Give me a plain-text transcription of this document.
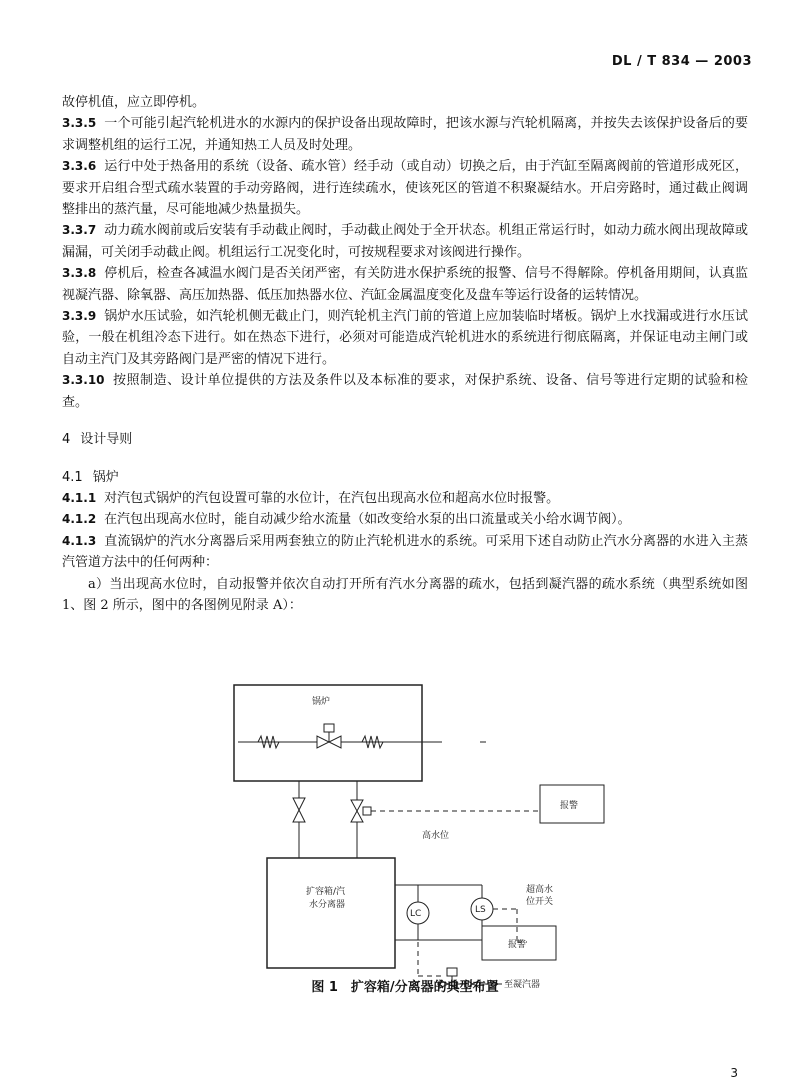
DL / T 834 — 2003

故停机值，应立即停机。

3.3.5 一个可能引起汽轮机进水的水源内的保护设备出现故障时，把该水源与汽轮机隔离，并按失去该保护设备后的要求调整机组的运行工况，并通知热工人员及时处理。

3.3.6 运行中处于热备用的系统（设备、疏水管）经手动（或自动）切换之后，由于汽缸至隔离阀前的管道形成死区，要求开启组合型式疏水装置的手动旁路阀，进行连续疏水，使该死区的管道不积聚凝结水。开启旁路时，通过截止阀调整排出的蒸汽量，尽可能地减少热量损失。

3.3.7 动力疏水阀前或后安装有手动截止阀时，手动截止阀处于全开状态。机组正常运行时，如动力疏水阀出现故障或漏漏，可关闭手动截止阀。机组运行工况变化时，可按规程要求对该阀进行操作。

3.3.8 停机后，检查各减温水阀门是否关闭严密，有关防进水保护系统的报警、信号不得解除。停机备用期间，认真监视凝汽器、除氧器、高压加热器、低压加热器水位、汽缸金属温度变化及盘车等运行设备的运转情况。

3.3.9 锅炉水压试验，如汽轮机侧无截止门，则汽轮机主汽门前的管道上应加装临时堵板。锅炉上水找漏或进行水压试验，一般在机组冷态下进行。如在热态下进行，必须对可能造成汽轮机进水的系统进行彻底隔离，并保证电动主闸门或自动主汽门及其旁路阀门是严密的情况下进行。

3.3.10 按照制造、设计单位提供的方法及条件以及本标准的要求，对保护系统、设备、信号等进行定期的试验和检查。

4 设计导则

4.1 锅炉

4.1.1 对汽包式锅炉的汽包设置可靠的水位计，在汽包出现高水位和超高水位时报警。

4.1.2 在汽包出现高水位时，能自动减少给水流量（如改变给水泵的出口流量或关小给水调节阀）。

4.1.3 直流锅炉的汽水分离器后采用两套独立的防止汽轮机进水的系统。可采用下述自动防止汽水分离器的水进入主蒸汽管道方法中的任何两种：

a）当出现高水位时，自动报警并依次自动打开所有汽水分离器的疏水，包括到凝汽器的疏水系统（典型系统如图 1、图 2 所示，图中的各图例见附录 A）：

锅炉
报警
高水位
扩容箱/汽
水分离器
LC	LS
超高水
位开关
报警
至凝汽器
图 1　扩容箱/分离器的典型布置
3
